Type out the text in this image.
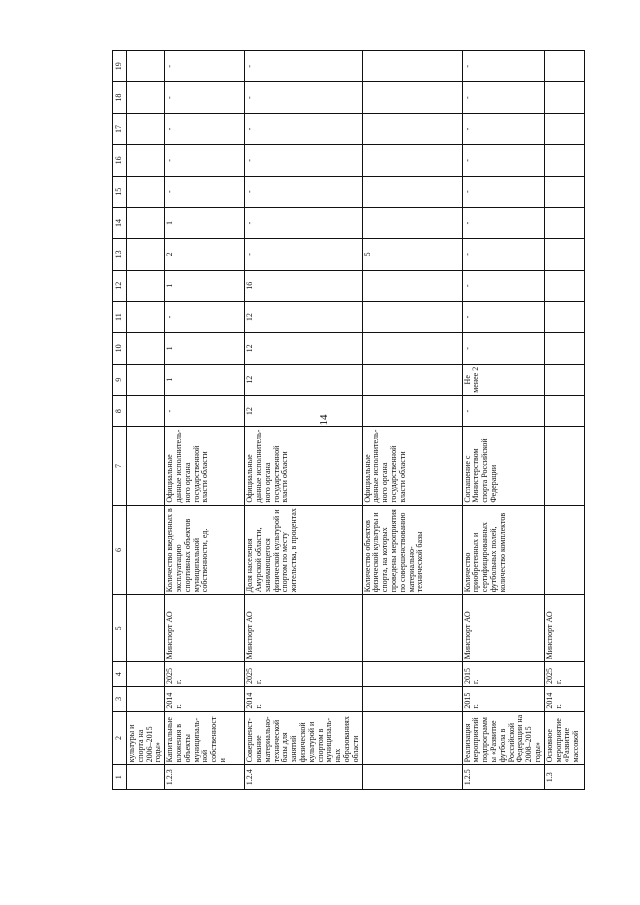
14
1	2	3	4	5	6	7	8	9	10	11	12	13	14	15	16	17	18	19
	культуры и спорта на 2006–2015 годы»																	
1.2.3	Капитальные вложения в объекты муниципаль-ной собственности	2014 г.	2025 г.	Минспорт АО	Количество введенных в эксплуатацию спортивных объектов муниципальной собственности, ед.	Официальные данные исполнитель-ного органа государственной власти области	-	1	1	-	1	2	1	-	-	-	-	-
1.2.4	Совершенст-вование материально-технической базы для занятий физической культурой и спортом в муниципаль-ных образованиях области	2014 г.	2025 г.	Минспорт АО	Доля населения Амурской области, занимающегося физической культурой и спортом по месту жительства, в процентах	Официальные данные исполнитель-ного органа государственной власти области	12	12	12	12	16	-	-	-	-	-	-	-
					Количество объектов физической культуры и спорта, на которых проведены мероприятия по совершенствованию материально-технической базы	Официальные данные исполнитель-ного органа государственной власти области						5						
1.2.5	Реализация мероприятий подпрограммы «Развитие футбола в Российской Федерации на 2008–2015 годы»	2015 г.	2015 г.	Минспорт АО	Количество приобретенных и сертифицированных футбольных полей, количество комплектов	Соглашение с Министерством спорта Российской Федерации	-	Не менее 2	-	-	-	-	-	-	-	-	-	-
1.3	Основное мероприятие «Развитие массовой	2014 г.	2025 г.	Минспорт АО														
